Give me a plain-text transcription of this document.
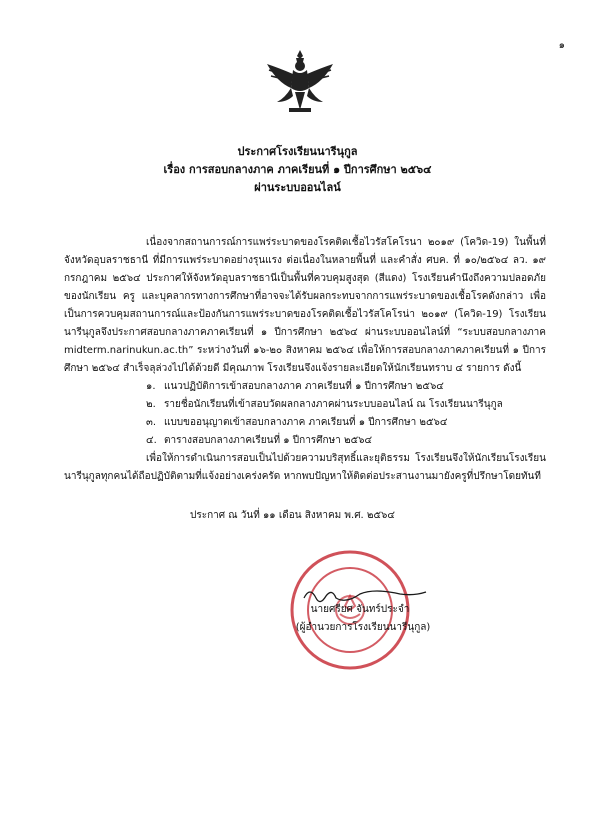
๑
ประกาศโรงเรียนนารีนุกูล
เรื่อง การสอบกลางภาค ภาคเรียนที่ ๑ ปีการศึกษา ๒๕๖๔
ผ่านระบบออนไลน์

เนื่องจากสถานการณ์การแพร่ระบาดของโรคติดเชื้อไวรัสโคโรนา ๒๐๑๙ (โควิด-19) ในพื้นที่จังหวัดอุบลราชธานี ที่มีการแพร่ระบาดอย่างรุนแรง ต่อเนื่องในหลายพื้นที่ และคำสั่ง ศบค. ที่ ๑๐/๒๕๖๔ ลว. ๑๙ กรกฎาคม ๒๕๖๔ ประกาศให้จังหวัดอุบลราชธานีเป็นพื้นที่ควบคุมสูงสุด (สีแดง) โรงเรียนคำนึงถึงความปลอดภัยของนักเรียน ครู และบุคลากรทางการศึกษาที่อาจจะได้รับผลกระทบจากการแพร่ระบาดของเชื้อโรคดังกล่าว เพื่อเป็นการควบคุมสถานการณ์และป้องกันการแพร่ระบาดของโรคติดเชื้อไวรัสโคโรน่า ๒๐๑๙ (โควิด-19) โรงเรียนนารีนุกูลจึงประกาศสอบกลางภาคภาคเรียนที่ ๑ ปีการศึกษา ๒๕๖๔ ผ่านระบบออนไลน์ที่ “ระบบสอบกลางภาค midterm.narinukun.ac.th” ระหว่างวันที่ ๑๖-๒๐ สิงหาคม ๒๕๖๔ เพื่อให้การสอบกลางภาคภาคเรียนที่ ๑ ปีการศึกษา ๒๕๖๔ สำเร็จลุล่วงไปได้ด้วยดี มีคุณภาพ โรงเรียนจึงแจ้งรายละเอียดให้นักเรียนทราบ ๔ รายการ ดังนี้

๑. แนวปฏิบัติการเข้าสอบกลางภาค ภาคเรียนที่ ๑ ปีการศึกษา ๒๕๖๔
๒. รายชื่อนักเรียนที่เข้าสอบวัดผลกลางภาคผ่านระบบออนไลน์ ณ โรงเรียนนารีนุกูล
๓. แบบขออนุญาตเข้าสอบกลางภาค ภาคเรียนที่ ๑ ปีการศึกษา ๒๕๖๔
๔. ตารางสอบกลางภาคเรียนที่ ๑ ปีการศึกษา ๒๕๖๔

เพื่อให้การดำเนินการสอบเป็นไปด้วยความบริสุทธิ์และยุติธรรม โรงเรียนจึงให้นักเรียนโรงเรียนนารีนุกูลทุกคนได้ถือปฏิบัติตามที่แจ้งอย่างเคร่งครัด หากพบปัญหาให้ติดต่อประสานงานมายังครูที่ปรึกษาโดยทันที

ประกาศ ณ วันที่ ๑๑ เดือน สิงหาคม พ.ศ. ๒๕๖๔
นายศรียศ จันทร์ประจำ
(ผู้อำนวยการโรงเรียนนารีนุกูล)
